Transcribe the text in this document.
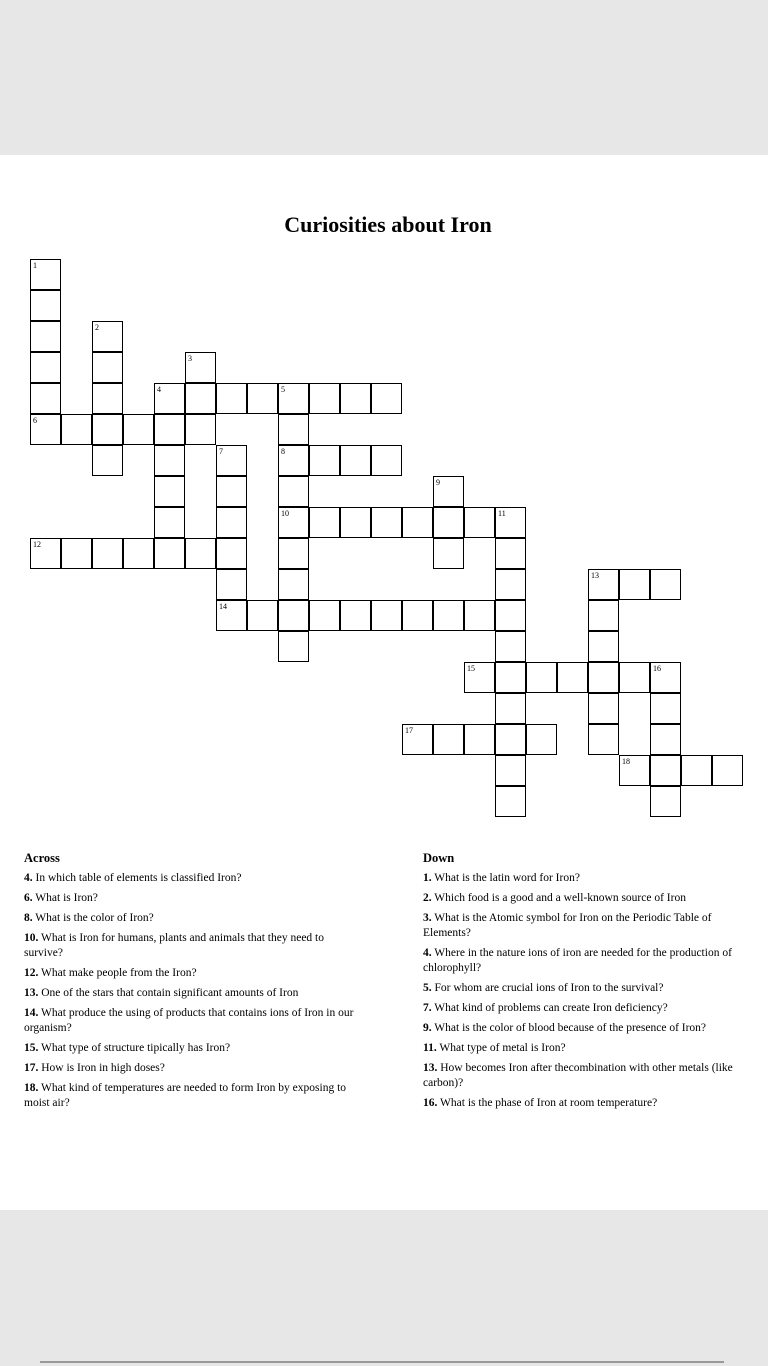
Curiosities about Iron
1
2
3
4	5
6
7	8
9
10	11
12
13
14
15	16
17
18
Across
4. In which table of elements is classified Iron?
6. What is Iron?
8. What is the color of Iron?
10. What is Iron for humans, plants and animals that they need to survive?
12. What make people from the Iron?
13. One of the stars that contain significant amounts of Iron
14. What produce the using of products that contains ions of Iron in our organism?
15. What type of structure tipically has Iron?
17. How is Iron in high doses?
18. What kind of temperatures are needed to form Iron by exposing to moist air?
Down
1. What is the latin word for Iron?
2. Which food is a good and a well-known source of Iron
3. What is the Atomic symbol for Iron on the Periodic Table of Elements?
4. Where in the nature ions of iron are needed for the production of chlorophyll?
5. For whom are crucial ions of Iron to the survival?
7. What kind of problems can create Iron deficiency?
9. What is the color of blood because of the presence of Iron?
11. What type of metal is Iron?
13. How becomes Iron after thecombination with other metals (like carbon)?
16. What is the phase of Iron at room temperature?
